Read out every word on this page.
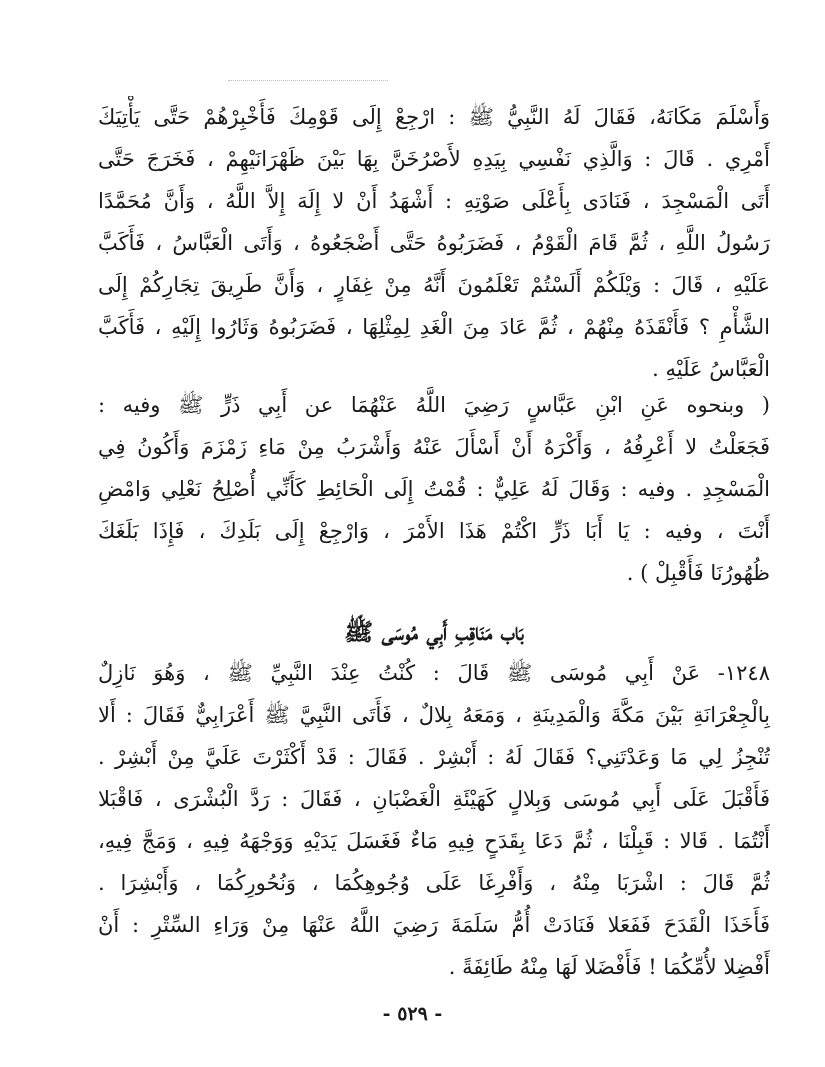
وَأَسْلَمَ مَكَانَهُ، فَقَالَ لَهُ النَّبِيُّ ﷺ : ارْجِعْ إِلَى قَوْمِكَ فَأَخْبِرْهُمْ حَتَّى يَأْتِيَكَ
أَمْرِي . قَالَ : وَالَّذِي نَفْسِي بِيَدِهِ لأَصْرُخَنَّ بِهَا بَيْنَ ظَهْرَانَيْهِمْ ، فَخَرَجَ حَتَّى
أَتَى الْمَسْجِدَ ، فَنَادَى بِأَعْلَى صَوْتِهِ : أَشْهَدُ أَنْ لا إِلَهَ إِلاَّ اللَّهُ ، وَأَنَّ مُحَمَّدًا
رَسُولُ اللَّهِ ، ثُمَّ قَامَ الْقَوْمُ ، فَضَرَبُوهُ حَتَّى أَضْجَعُوهُ ، وَأَتَى الْعَبَّاسُ ، فَأَكَبَّ
عَلَيْهِ ، قَالَ : وَيْلَكُمْ أَلَسْتُمْ تَعْلَمُونَ أَنَّهُ مِنْ غِفَارٍ ، وَأَنَّ طَرِيقَ تِجَارِكُمْ إِلَى
الشَّأْمِ ؟ فَأَنْقَذَهُ مِنْهُمْ ، ثُمَّ عَادَ مِنَ الْغَدِ لِمِثْلِهَا ، فَضَرَبُوهُ وَثَارُوا إِلَيْهِ ، فَأَكَبَّ
الْعَبَّاسُ عَلَيْهِ .
( وبنحوه عَنِ ابْنِ عَبَّاسٍ رَضِيَ اللَّهُ عَنْهُمَا عن أَبِي ذَرٍّ ﷺ وفيه :
فَجَعَلْتُ لا أَعْرِفُهُ ، وَأَكْرَهُ أَنْ أَسْأَلَ عَنْهُ وَأَشْرَبُ مِنْ مَاءِ زَمْزَمَ وَأَكُونُ فِي
الْمَسْجِدِ . وفيه : وَقَالَ لَهُ عَلِيٌّ : قُمْتُ إِلَى الْحَائِطِ كَأَنِّي أُصْلِحُ نَعْلِي وَامْضِ
أَنْتَ ، وفيه : يَا أَبَا ذَرٍّ اكْتُمْ هَذَا الأَمْرَ ، وَارْجِعْ إِلَى بَلَدِكَ ، فَإِذَا بَلَغَكَ
ظُهُورُنَا فَأَقْبِلْ ) .
بَاب مَنَاقِبِ أَبِي مُوسَى ﷺ
١٢٤٨- عَنْ أَبِي مُوسَى ﷺ قَالَ : كُنْتُ عِنْدَ النَّبِيِّ ﷺ ، وَهُوَ نَازِلٌ
بِالْجِعْرَانَةِ بَيْنَ مَكَّةَ وَالْمَدِينَةِ ، وَمَعَهُ بِلالٌ ، فَأَتَى النَّبِيَّ ﷺ أَعْرَابِيٌّ فَقَالَ : أَلا
تُنْجِزُ لِي مَا وَعَدْتَنِي؟ فَقَالَ لَهُ : أَبْشِرْ . فَقَالَ : قَدْ أَكْثَرْتَ عَلَيَّ مِنْ أَبْشِرْ .
فَأَقْبَلَ عَلَى أَبِي مُوسَى وَبِلالٍ كَهَيْئَةِ الْغَضْبَانِ ، فَقَالَ : رَدَّ الْبُشْرَى ، فَاقْبَلا
أَنْتُمَا . قَالا : قَبِلْنَا ، ثُمَّ دَعَا بِقَدَحٍ فِيهِ مَاءٌ فَغَسَلَ يَدَيْهِ وَوَجْهَهُ فِيهِ ، وَمَجَّ فِيهِ،
ثُمَّ قَالَ : اشْرَبَا مِنْهُ ، وَأَفْرِغَا عَلَى وُجُوهِكُمَا ، وَنُحُورِكُمَا ، وَأَبْشِرَا .
فَأَخَذَا الْقَدَحَ فَفَعَلا فَنَادَتْ أُمُّ سَلَمَةَ رَضِيَ اللَّهُ عَنْهَا مِنْ وَرَاءِ السِّتْرِ : أَنْ
أَفْضِلا لأُمِّكُمَا ! فَأَفْضَلا لَهَا مِنْهُ طَائِفَةً .
- ٥٢٩ -
